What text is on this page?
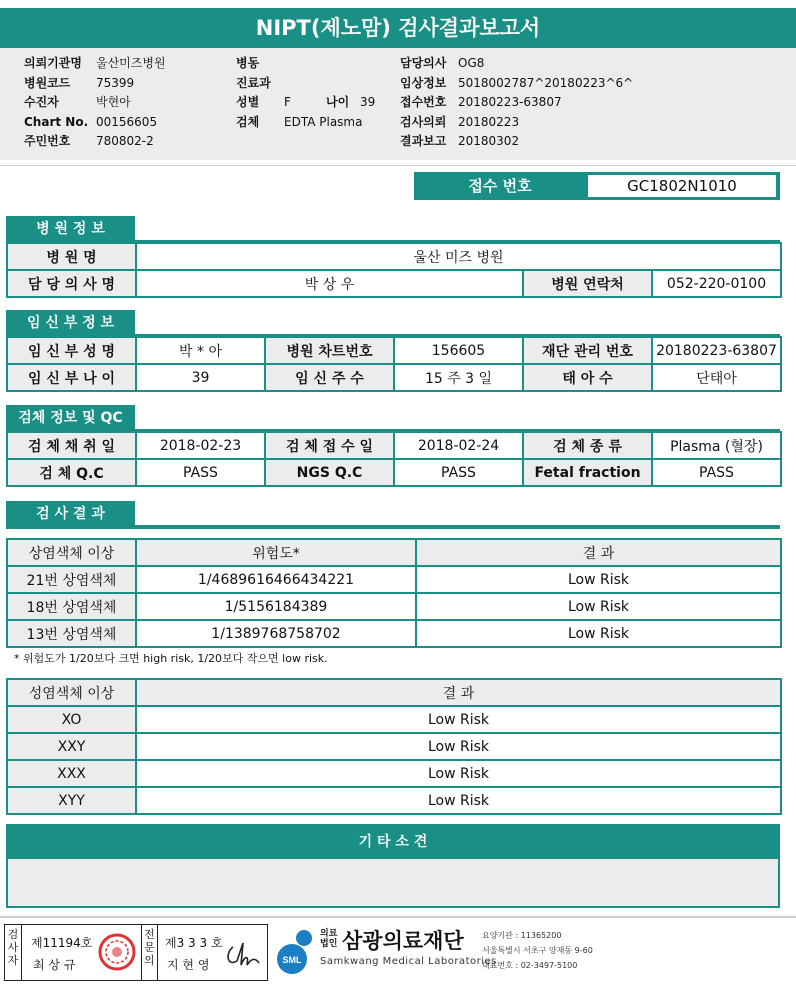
NIPT(제노맘) 검사결과보고서
의뢰기관명 울산미즈병원
병원코드 75399
수진자	박현아
Chart No. 00156605
주민번호 780802-2
병동
진료과
성별 F	나이 39
검체 EDTA Plasma
담당의사 OG8
임상정보 5018002787^20180223^6^
접수번호 20180223-63807
검사의뢰 20180223
결과보고 20180302
접수 번호	GC1802N1010
병 원 정 보
병 원 명	울산 미즈 병원		
담 당 의 사 명	박 상 우	병원 연락처	052-220-0100
임 신 부 정 보
임 신 부 성 명	박 * 아	병원 차트번호	156605	재단 관리 번호	20180223-63807
임 신 부 나 이	39	임 신 주 수	15 주 3 일	태 아 수	단태아
검체 정보 및 QC
검 체 채 취 일	2018-02-23	검 체 접 수 일	2018-02-24	검 체 종 류	Plasma (혈장)
검 체 Q.C	PASS	NGS Q.C	PASS	Fetal fraction	PASS
검 사 결 과
상염색체 이상	위험도*	결 과
21번 상염색체	1/4689616466434221	Low Risk
18번 상염색체	1/5156184389	Low Risk
13번 상염색체	1/1389768758702	Low Risk
* 위험도가 1/20보다 크면 high risk, 1/20보다 작으면 low risk.
성염색체 이상	결 과
XO	Low Risk
XXY	Low Risk
XXX	Low Risk
XYY	Low Risk
기 타 소 견
검사자
제11194호
최 상 규
전문의
제3 3 3 호
지 현 영	SML
의료
법인 삼광의료재단
Samkwang Medical Laboratories
요양기관 : 11365200
서울특별시 서초구 양재동 9-60
대표번호 : 02-3497-5100
